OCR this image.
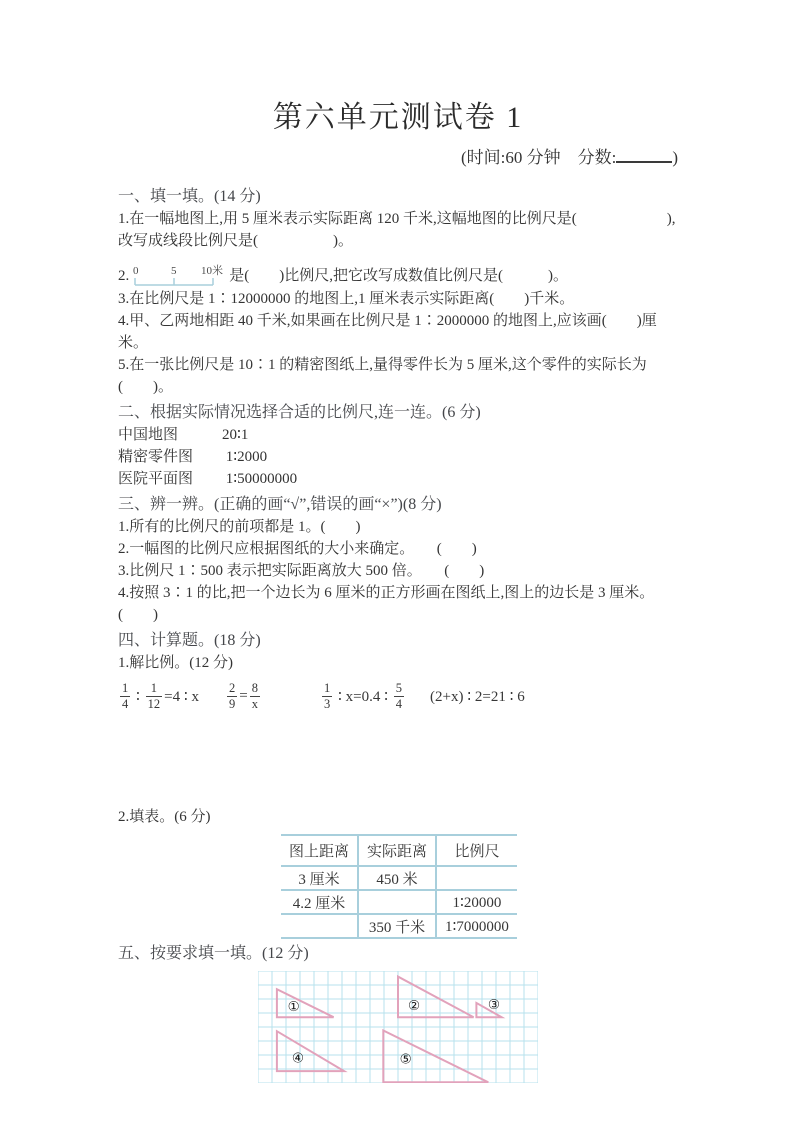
第六单元测试卷 1
(时间:60 分钟　分数:	)
一、填一填。(14 分)
1.在一幅地图上,用 5 厘米表示实际距离 120 千米,这幅地图的比例尺是(　　　　　　),改写成线段比例尺是(　　　　　)。
2. 0	5 10米 是(　　)比例尺,把它改写成数值比例尺是(　　　)。
3.在比例尺是 1∶12000000 的地图上,1 厘米表示实际距离(　　)千米。
4.甲、乙两地相距 40 千米,如果画在比例尺是 1∶2000000 的地图上,应该画(　　)厘米。
5.在一张比例尺是 10∶1 的精密图纸上,量得零件长为 5 厘米,这个零件的实际长为(　　)。
二、根据实际情况选择合适的比例尺,连一连。(6 分)
中国地图	20∶1
精密零件图 1∶2000
医院平面图 1∶50000000
三、辨一辨。(正确的画“√”,错误的画“×”)(8 分)
1.所有的比例尺的前项都是 1。(　　)
2.一幅图的比例尺应根据图纸的大小来确定。　　(　　)
3.比例尺 1∶500 表示把实际距离放大 500 倍。　　(　　)
4.按照 3∶1 的比,把一个边长为 6 厘米的正方形画在图纸上,图上的边长是 3 厘米。(　　)
四、计算题。(18 分)
1.解比例。(12 分)
$\frac{1}{4}$ ∶ $\frac{1}{12} =4$ ∶ x $\frac{2}{9} = \frac{8}{x}$	$\frac{1}{3}$ ∶ x=0.4 ∶ $\frac{5}{4} (2+x)$ ∶ 2=21 ∶ 6
2.填表。(6 分)
图上距离	实际距离	比例尺
3 厘米	450 米	
4.2 厘米		1∶20000
	350 千米	1∶7000000
五、按要求填一填。(12 分)
①	②	③
④	⑤
